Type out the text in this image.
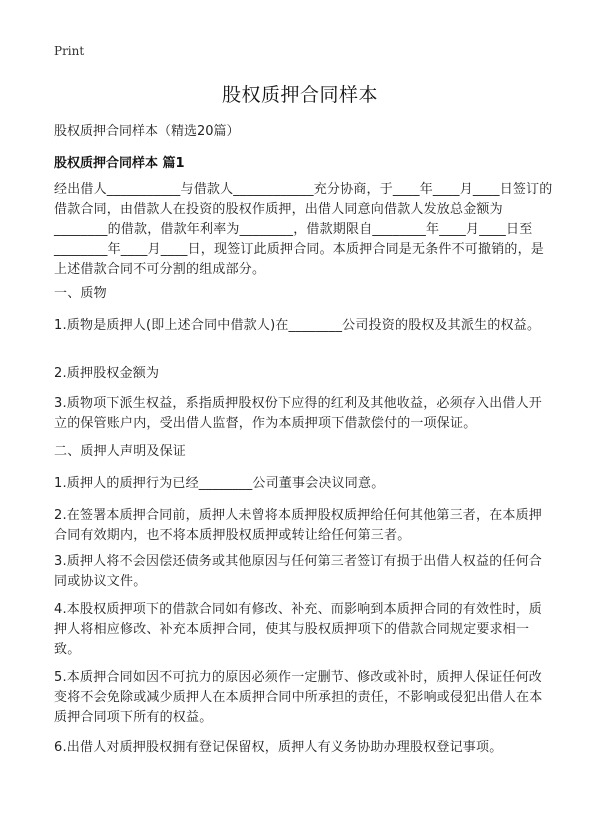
Print
股权质押合同样本
股权质押合同样本（精选20篇）
股权质押合同样本 篇1

经出借人___________与借款人____________充分协商，于____年____月____日签订的借款合同，由借款人在投资的股权作质押，出借人同意向借款人发放总金额为________的借款，借款年利率为________，借款期限自________年____月____日至________年____月____日，现签订此质押合同。本质押合同是无条件不可撤销的，是上述借款合同不可分割的组成部分。

一、质物

1.质物是质押人(即上述合同中借款人)在________公司投资的股权及其派生的权益。

2.质押股权金额为

3.质物项下派生权益，系指质押股权份下应得的红利及其他收益，必须存入出借人开立的保管账户内，受出借人监督，作为本质押项下借款偿付的一项保证。

二、质押人声明及保证

1.质押人的质押行为已经________公司董事会决议同意。

2.在签署本质押合同前，质押人未曾将本质押股权质押给任何其他第三者，在本质押合同有效期内，也不将本质押股权质押或转让给任何第三者。

3.质押人将不会因偿还债务或其他原因与任何第三者签订有损于出借人权益的任何合同或协议文件。

4.本股权质押项下的借款合同如有修改、补充、而影响到本质押合同的有效性时，质押人将相应修改、补充本质押合同，使其与股权质押项下的借款合同规定要求相一致。

5.本质押合同如因不可抗力的原因必须作一定删节、修改或补时，质押人保证任何改变将不会免除或减少质押人在本质押合同中所承担的责任，不影响或侵犯出借人在本质押合同项下所有的权益。

6.出借人对质押股权拥有登记保留权，质押人有义务协助办理股权登记事项。
